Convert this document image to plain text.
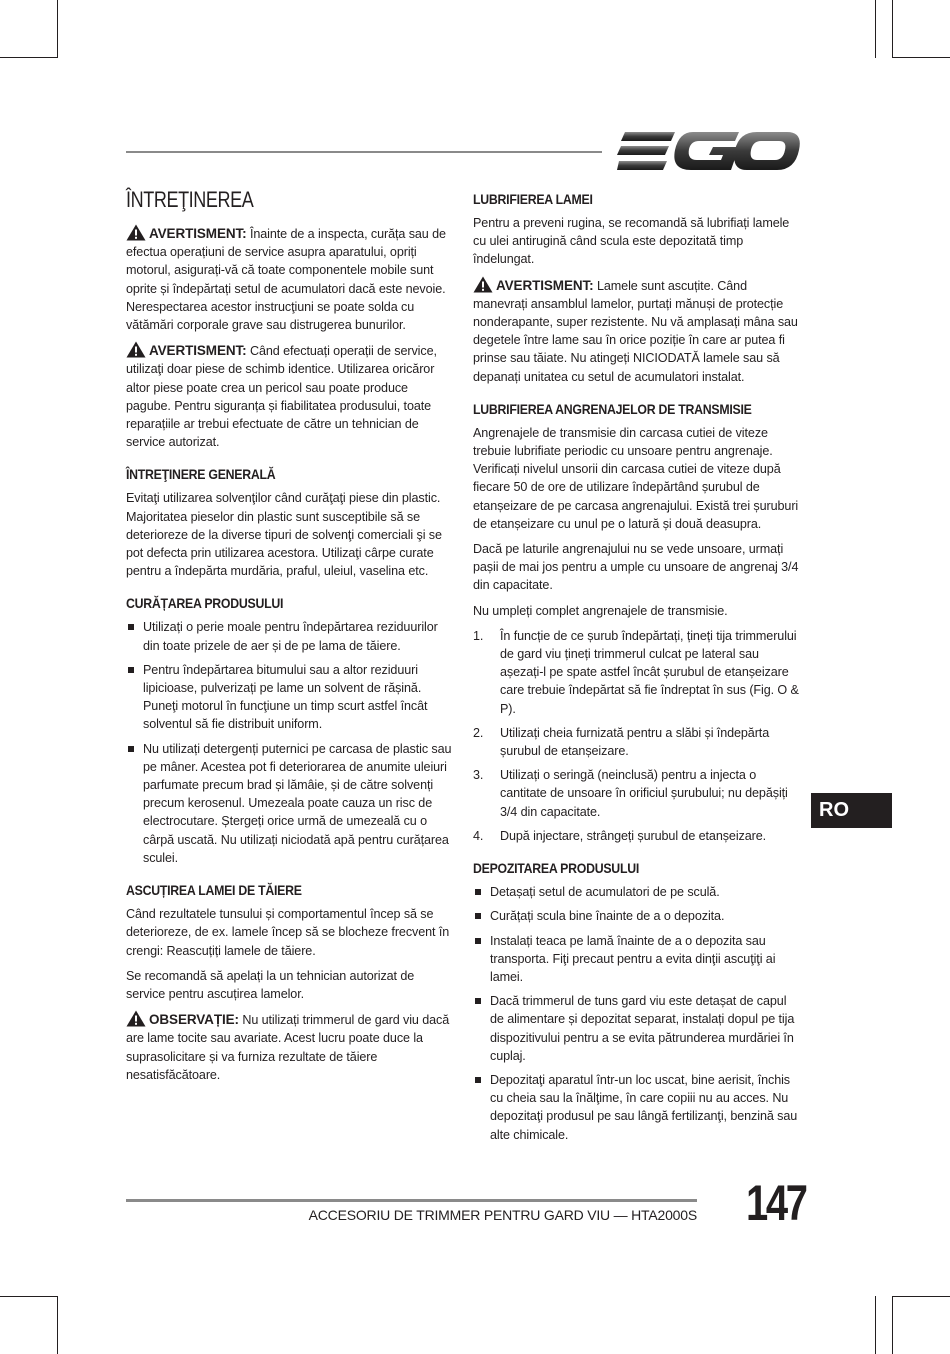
ÎNTREŢINEREA

AVERTISMENT: Înainte de a inspecta, curăța sau de efectua operațiuni de service asupra aparatului, opriți motorul, asigurați-vă că toate componentele mobile sunt oprite și îndepărtați setul de acumulatori dacă este nevoie. Nerespectarea acestor instrucţiuni se poate solda cu vătămări corporale grave sau distrugerea bunurilor.

AVERTISMENT: Când efectuați operații de service, utilizaţi doar piese de schimb identice. Utilizarea oricăror altor piese poate crea un pericol sau poate produce pagube. Pentru siguranța și fiabilitatea produsului, toate reparațiile ar trebui efectuate de către un tehnician de service autorizat.

ÎNTREŢINERE GENERALĂ

Evitaţi utilizarea solvenţilor când curăţaţi piese din plastic. Majoritatea pieselor din plastic sunt susceptibile să se deterioreze de la diverse tipuri de solvenţi comerciali şi se pot defecta prin utilizarea acestora. Utilizaţi cârpe curate pentru a îndepărta murdăria, praful, uleiul, vaselina etc.

CURĂȚAREA PRODUSULUI
Utilizați o perie moale pentru îndepărtarea reziduurilor din toate prizele de aer și de pe lama de tăiere.
Pentru îndepărtarea bitumului sau a altor reziduuri lipicioase, pulverizați pe lame un solvent de rășină. Puneţi motorul în funcţiune un timp scurt astfel încât solventul să fie distribuit uniform.
Nu utilizați detergenți puternici pe carcasa de plastic sau pe mâner. Acestea pot fi deteriorarea de anumite uleiuri parfumate precum brad și lămâie, și de către solvenți precum kerosenul. Umezeala poate cauza un risc de electrocutare. Ștergeți orice urmă de umezeală cu o cârpă uscată. Nu utilizați niciodată apă pentru curățarea sculei.
ASCUȚIREA LAMEI DE TĂIERE

Când rezultatele tunsului și comportamentul încep să se deterioreze, de ex. lamele încep să se blocheze frecvent în crengi: Reascuțiți lamele de tăiere.

Se recomandă să apelați la un tehnician autorizat de service pentru ascuțirea lamelor.

OBSERVAȚIE: Nu utilizați trimmerul de gard viu dacă are lame tocite sau avariate. Acest lucru poate duce la suprasolicitare și va furniza rezultate de tăiere nesatisfăcătoare.

LUBRIFIEREA LAMEI

Pentru a preveni rugina, se recomandă să lubrifiați lamele cu ulei antirugină când scula este depozitată timp îndelungat.

AVERTISMENT: Lamele sunt ascuțite. Când manevrați ansamblul lamelor, purtați mănuși de protecție nonderapante, super rezistente. Nu vă amplasați mâna sau degetele între lame sau în orice poziție în care ar putea fi prinse sau tăiate. Nu atingeți NICIODATĂ lamele sau să depanați unitatea cu setul de acumulatori instalat.

LUBRIFIEREA ANGRENAJELOR DE TRANSMISIE

Angrenajele de transmisie din carcasa cutiei de viteze trebuie lubrifiate periodic cu unsoare pentru angrenaje. Verificați nivelul unsorii din carcasa cutiei de viteze după fiecare 50 de ore de utilizare îndepărtând șurubul de etanșeizare de pe carcasa angrenajului. Există trei șuruburi de etanșeizare cu unul pe o latură și două deasupra.

Dacă pe laturile angrenajului nu se vede unsoare, urmați pașii de mai jos pentru a umple cu unsoare de angrenaj 3/4 din capacitate.

Nu umpleți complet angrenajele de transmisie.

1. În funcție de ce șurub îndepărtați, țineți tija trimmerului de gard viu țineți trimmerul culcat pe lateral sau așezați-l pe spate astfel încât șurubul de etanșeizare care trebuie îndepărtat să fie îndreptat în sus (Fig. O & P).
2. Utilizați cheia furnizată pentru a slăbi și îndepărta șurubul de etanșeizare.
3. Utilizați o seringă (neinclusă) pentru a injecta o cantitate de unsoare în orificiul șurubului; nu depășiți 3/4 din capacitate.
4. După injectare, strângeți șurubul de etanșeizare.
DEPOZITAREA PRODUSULUI
Detașați setul de acumulatori de pe sculă.
Curățați scula bine înainte de a o depozita.
Instalați teaca pe lamă înainte de a o depozita sau transporta. Fiţi precaut pentru a evita dinţii ascuţiţi ai lamei.
Dacă trimmerul de tuns gard viu este detașat de capul de alimentare și depozitat separat, instalați dopul pe tija dispozitivului pentru a se evita pătrunderea murdăriei în cuplaj.
Depozitaţi aparatul într-un loc uscat, bine aerisit, închis cu cheia sau la înălţime, în care copiii nu au acces. Nu depozitaţi produsul pe sau lângă fertilizanţi, benzină sau alte chimicale.
RO
ACCESORIU DE TRIMMER PENTRU GARD VIU — HTA2000S 147
